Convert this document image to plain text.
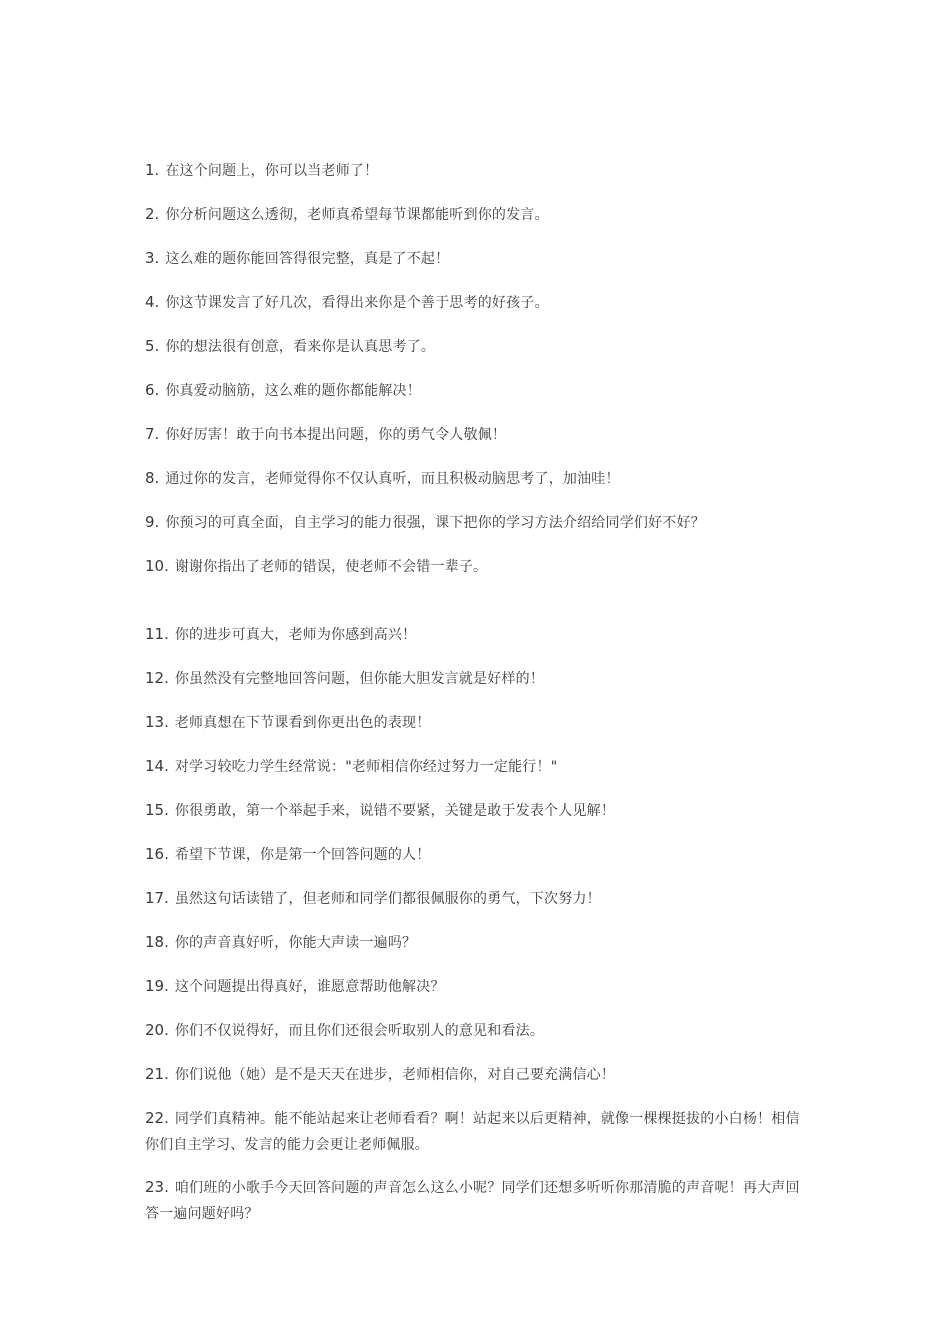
1. 在这个问题上，你可以当老师了！

2. 你分析问题这么透彻，老师真希望每节课都能听到你的发言。

3. 这么难的题你能回答得很完整，真是了不起！

4. 你这节课发言了好几次，看得出来你是个善于思考的好孩子。

5. 你的想法很有创意，看来你是认真思考了。

6. 你真爱动脑筋，这么难的题你都能解决！

7. 你好厉害！敢于向书本提出问题，你的勇气令人敬佩！

8. 通过你的发言，老师觉得你不仅认真听，而且积极动脑思考了，加油哇！

9. 你预习的可真全面，自主学习的能力很强，课下把你的学习方法介绍给同学们好不好？

10. 谢谢你指出了老师的错误，使老师不会错一辈子。

11. 你的进步可真大，老师为你感到高兴！

12. 你虽然没有完整地回答问题，但你能大胆发言就是好样的！

13. 老师真想在下节课看到你更出色的表现！

14. 对学习较吃力学生经常说："老师相信你经过努力一定能行！"

15. 你很勇敢，第一个举起手来，说错不要紧，关键是敢于发表个人见解！

16. 希望下节课，你是第一个回答问题的人！

17. 虽然这句话读错了，但老师和同学们都很佩服你的勇气，下次努力！

18. 你的声音真好听，你能大声读一遍吗？

19. 这个问题提出得真好，谁愿意帮助他解决？

20. 你们不仅说得好，而且你们还很会听取别人的意见和看法。

21. 你们说他（她）是不是天天在进步，老师相信你，对自己要充满信心！

22. 同学们真精神。能不能站起来让老师看看？啊！站起来以后更精神，就像一棵棵挺拔的小白杨！相信你们自主学习、发言的能力会更让老师佩服。

23. 咱们班的小歌手今天回答问题的声音怎么这么小呢？同学们还想多听听你那清脆的声音呢！再大声回答一遍问题好吗？
